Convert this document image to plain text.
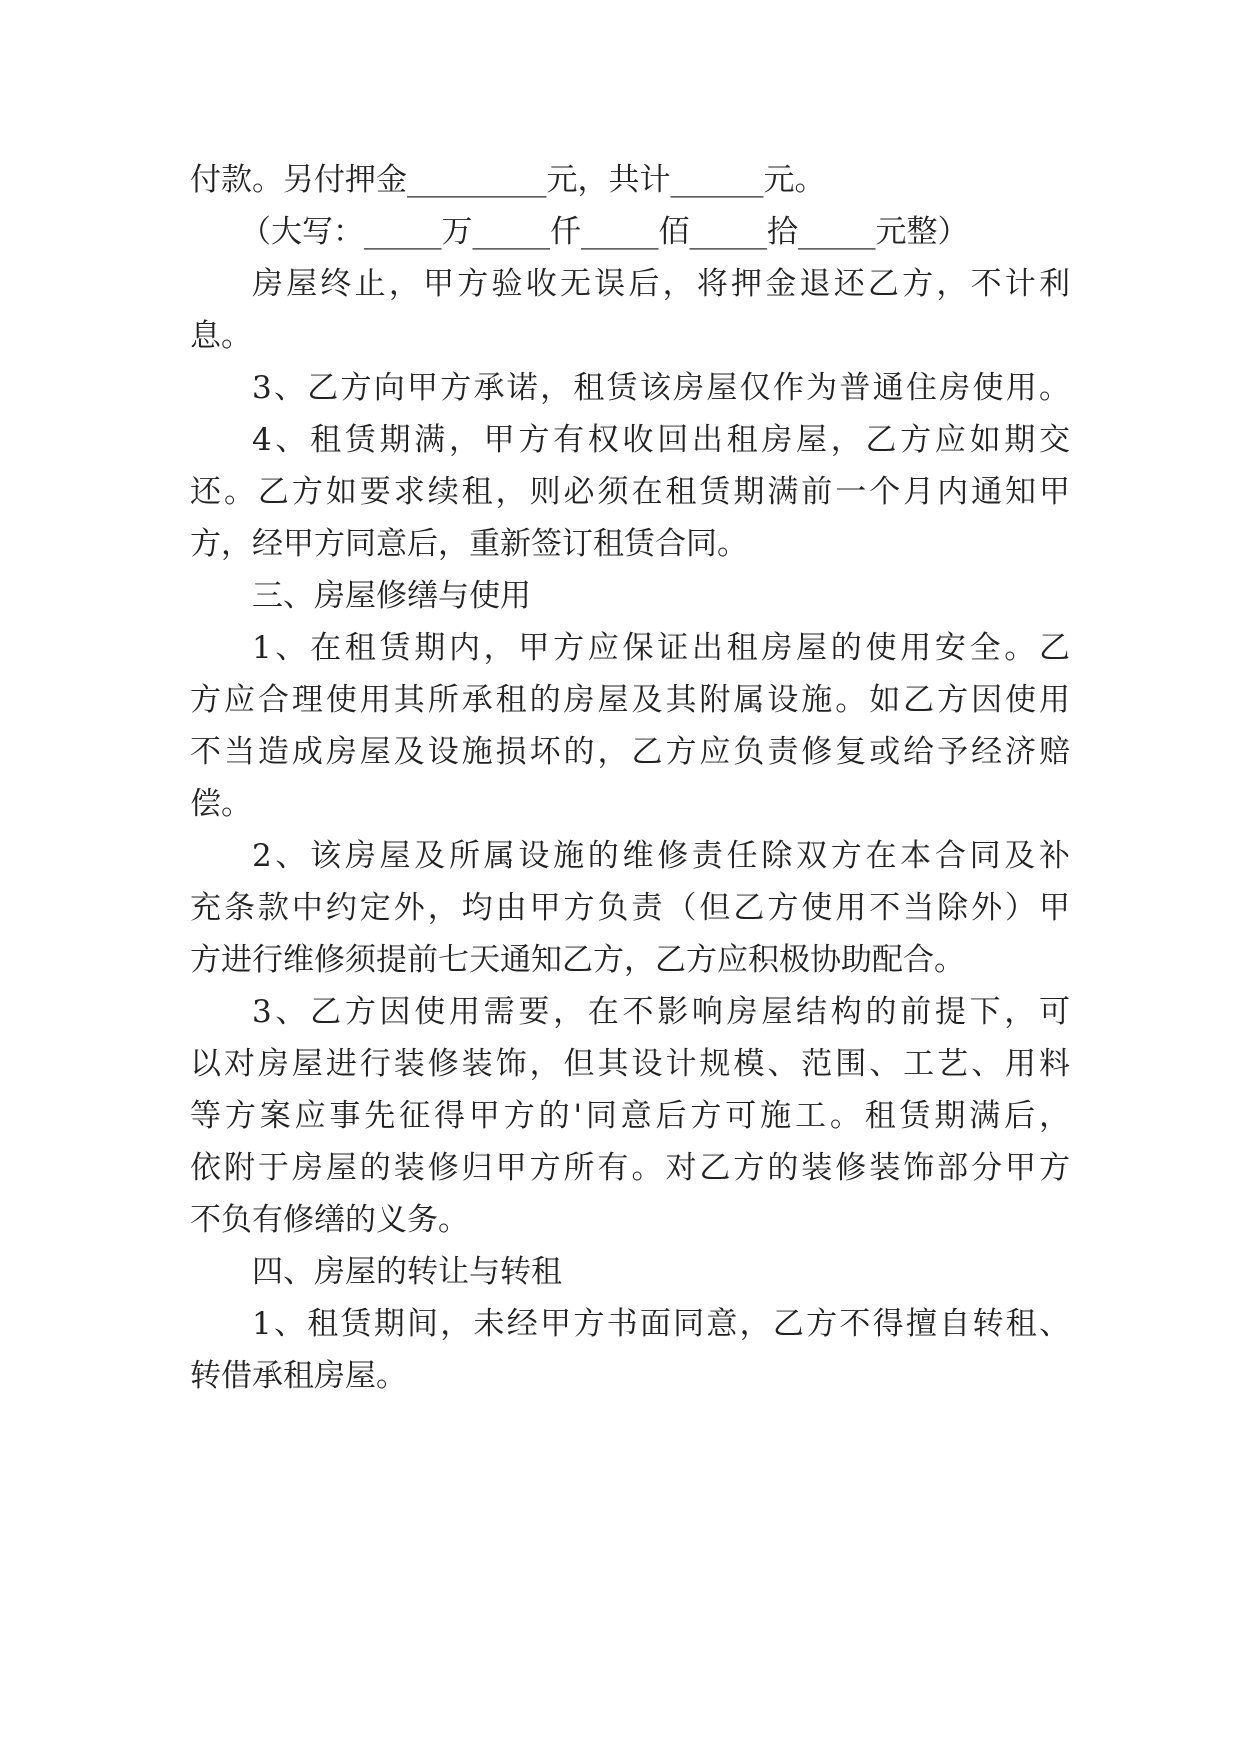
付款。另付押金_________元，共计______元。

（大写：_____万_____仟_____佰_____拾_____元整）

房屋终止，甲方验收无误后，将押金退还乙方，不计利

息。

3、乙方向甲方承诺，租赁该房屋仅作为普通住房使用。

4、租赁期满，甲方有权收回出租房屋，乙方应如期交

还。乙方如要求续租，则必须在租赁期满前一个月内通知甲

方，经甲方同意后，重新签订租赁合同。

三、房屋修缮与使用

1、在租赁期内，甲方应保证出租房屋的使用安全。乙

方应合理使用其所承租的房屋及其附属设施。如乙方因使用

不当造成房屋及设施损坏的，乙方应负责修复或给予经济赔

偿。

2、该房屋及所属设施的维修责任除双方在本合同及补

充条款中约定外，均由甲方负责（但乙方使用不当除外）甲

方进行维修须提前七天通知乙方，乙方应积极协助配合。

3、乙方因使用需要，在不影响房屋结构的前提下，可

以对房屋进行装修装饰，但其设计规模、范围、工艺、用料

等方案应事先征得甲方的'同意后方可施工。租赁期满后，

依附于房屋的装修归甲方所有。对乙方的装修装饰部分甲方

不负有修缮的义务。

四、房屋的转让与转租

1、租赁期间，未经甲方书面同意，乙方不得擅自转租、

转借承租房屋。
